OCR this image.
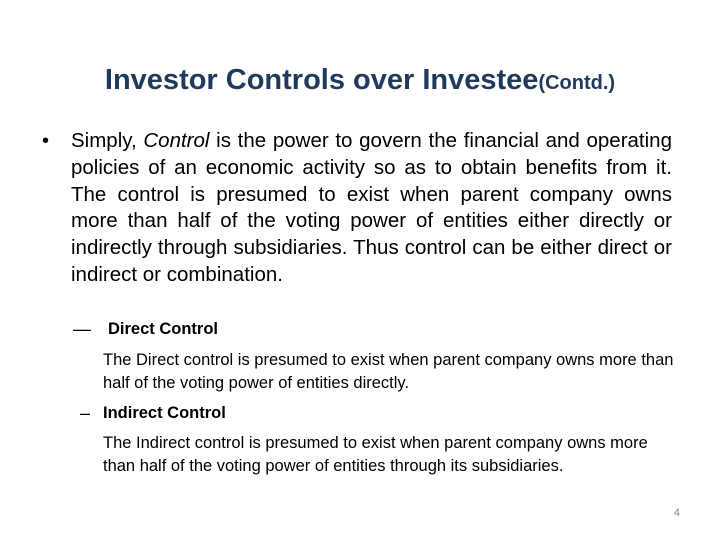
Investor Controls over Investee(Contd.)
• Simply, Control is the power to govern the financial and operating policies of an economic activity so as to obtain benefits from it. The control is presumed to exist when parent company owns more than half of the voting power of entities either directly or indirectly through subsidiaries. Thus control can be either direct or indirect or combination.
— Direct Control
The Direct control is presumed to exist when parent company owns more than half of the voting power of entities directly.
– Indirect Control
The Indirect control is presumed to exist when parent company owns more than half of the voting power of entities through its subsidiaries.
4
